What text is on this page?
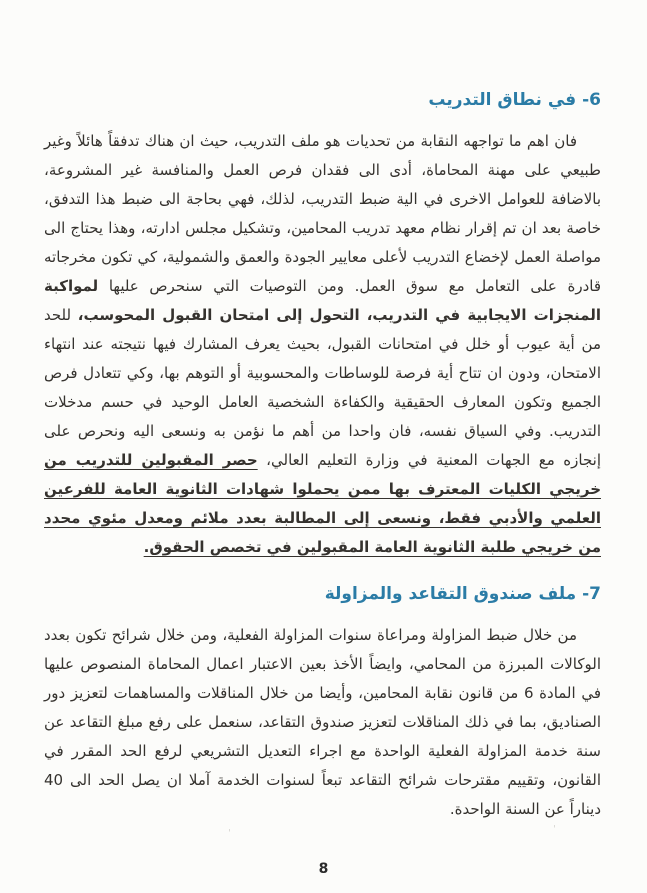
6- في نطاق التدريب

فان اهم ما تواجهه النقابة من تحديات هو ملف التدريب، حيث ان هناك تدفقاً هائلاً وغير طبيعي على مهنة المحاماة، أدى الى فقدان فرص العمل والمنافسة غير المشروعة، بالاضافة للعوامل الاخرى في الية ضبط التدريب، لذلك، فهي بحاجة الى ضبط هذا التدفق، خاصة بعد ان تم إقرار نظام معهد تدريب المحامين، وتشكيل مجلس ادارته، وهذا يحتاج الى مواصلة العمل لإخضاع التدريب لأعلى معايير الجودة والعمق والشمولية، كي تكون مخرجاته قادرة على التعامل مع سوق العمل. ومن التوصيات التي سنحرص عليها لمواكبة المنجزات الايجابية في التدريب، التحول إلى امتحان القبول المحوسب، للحد من أية عيوب أو خلل في امتحانات القبول، بحيث يعرف المشارك فيها نتيجته عند انتهاء الامتحان، ودون ان تتاح أية فرصة للوساطات والمحسوبية أو التوهم بها، وكي تتعادل فرص الجميع وتكون المعارف الحقيقية والكفاءة الشخصية العامل الوحيد في حسم مدخلات التدريب. وفي السياق نفسه، فان واحدا من أهم ما نؤمن به ونسعى اليه ونحرص على إنجازه مع الجهات المعنية في وزارة التعليم العالي، حصر المقبولين للتدريب من خريجي الكليات المعترف بها ممن يحملوا شهادات الثانوية العامة للفرعين العلمي والأدبي فقط، ونسعى إلى المطالبة بعدد ملائم ومعدل مئوي محدد من خريجي طلبة الثانوية العامة المقبولين في تخصص الحقوق.

7- ملف صندوق التقاعد والمزاولة

من خلال ضبط المزاولة ومراعاة سنوات المزاولة الفعلية، ومن خلال شرائح تكون بعدد الوكالات المبرزة من المحامي، وايضاً الأخذ بعين الاعتبار اعمال المحاماة المنصوص عليها في المادة 6 من قانون نقابة المحامين، وأيضا من خلال المناقلات والمساهمات لتعزيز دور الصناديق، بما في ذلك المناقلات لتعزيز صندوق التقاعد، سنعمل على رفع مبلغ التقاعد عن سنة خدمة المزاولة الفعلية الواحدة مع اجراء التعديل التشريعي لرفع الحد المقرر في القانون، وتقييم مقترحات شرائح التقاعد تبعاً لسنوات الخدمة آملا ان يصل الحد الى 40 ديناراً عن السنة الواحدة.

8
